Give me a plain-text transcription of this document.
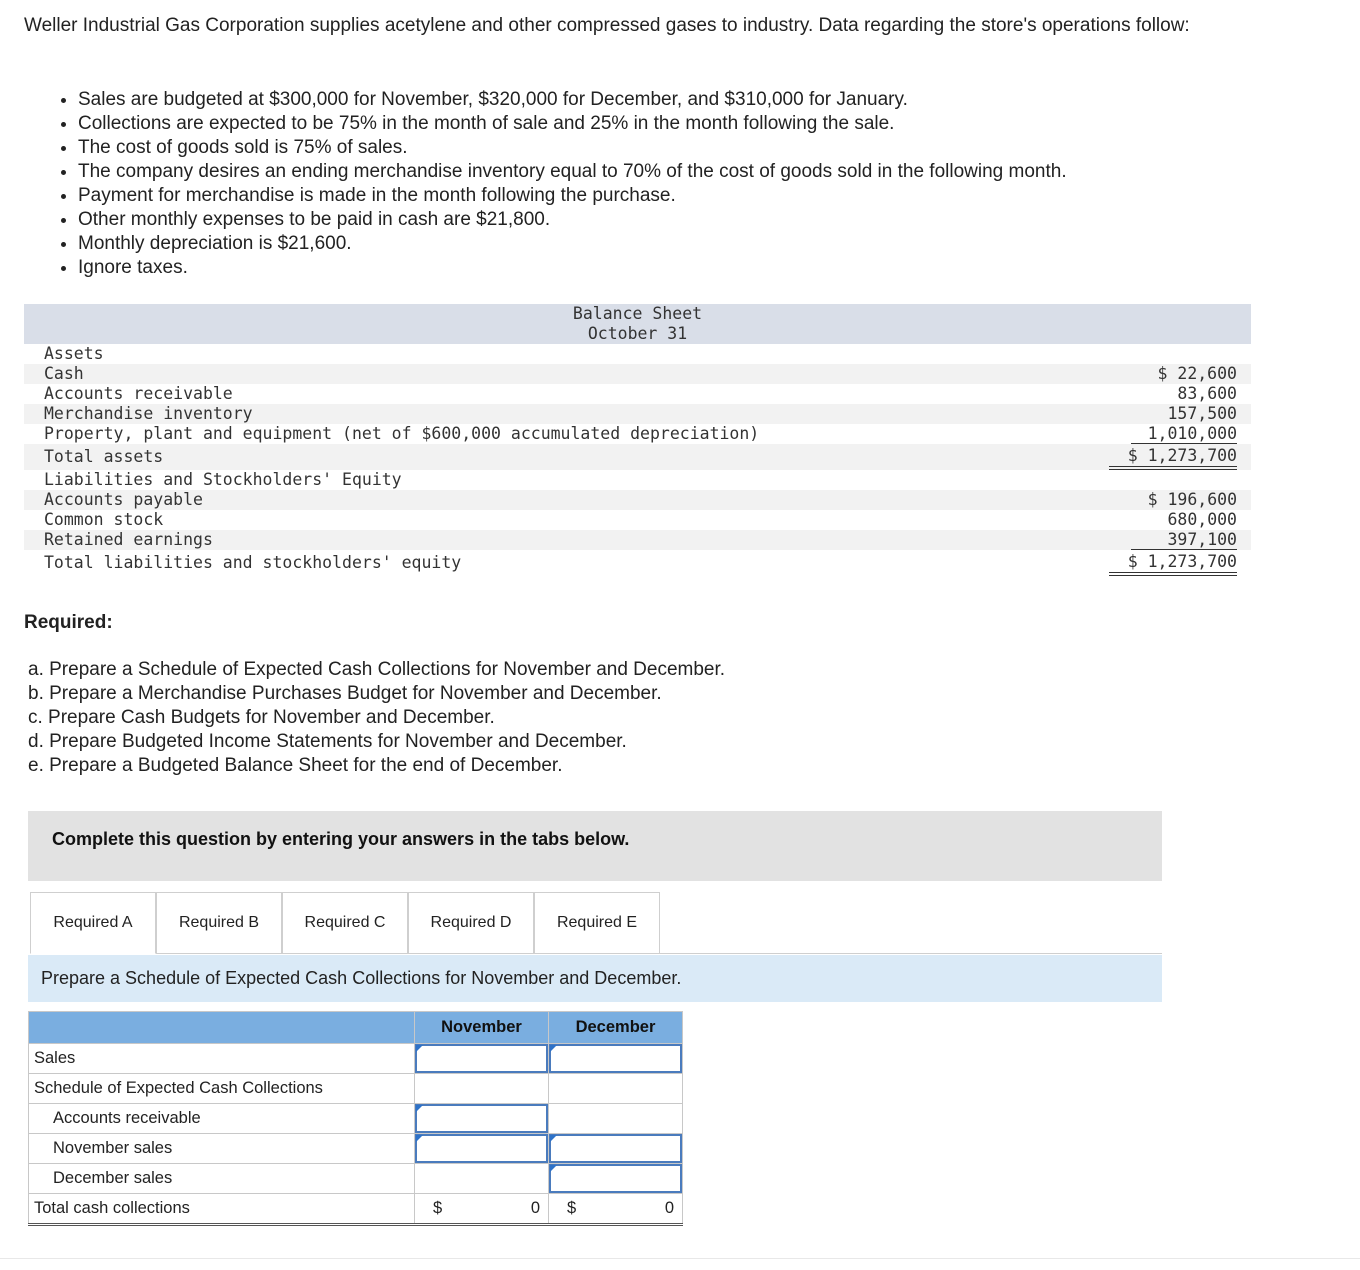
Weller Industrial Gas Corporation supplies acetylene and other compressed gases to industry. Data regarding the store's operations follow:
• Sales are budgeted at $300,000 for November, $320,000 for December, and $310,000 for January.
• Collections are expected to be 75% in the month of sale and 25% in the month following the sale.
• The cost of goods sold is 75% of sales.
• The company desires an ending merchandise inventory equal to 70% of the cost of goods sold in the following month.
• Payment for merchandise is made in the month following the purchase.
• Other monthly expenses to be paid in cash are $21,800.
• Monthly depreciation is $21,600.
• Ignore taxes.
Balance Sheet
October 31
Assets
Cash	$ 22,600
Accounts receivable	83,600
Merchandise inventory	157,500
Property, plant and equipment (net of $600,000 accumulated depreciation)	1,010,000
Total assets	$ 1,273,700
Liabilities and Stockholders' Equity
Accounts payable	$ 196,600
Common stock	680,000
Retained earnings	397,100
Total liabilities and stockholders' equity	$ 1,273,700
Required:
a. Prepare a Schedule of Expected Cash Collections for November and December.
b. Prepare a Merchandise Purchases Budget for November and December.
c. Prepare Cash Budgets for November and December.
d. Prepare Budgeted Income Statements for November and December.
e. Prepare a Budgeted Balance Sheet for the end of December.
Complete this question by entering your answers in the tabs below.
Required A	Required B	Required C	Required D	Required E
Prepare a Schedule of Expected Cash Collections for November and December.
	November	December
Sales	

Schedule of Expected Cash Collections		
Accounts receivable	

November sales	

December sales		

Total cash collections	$ 0	$ 0
